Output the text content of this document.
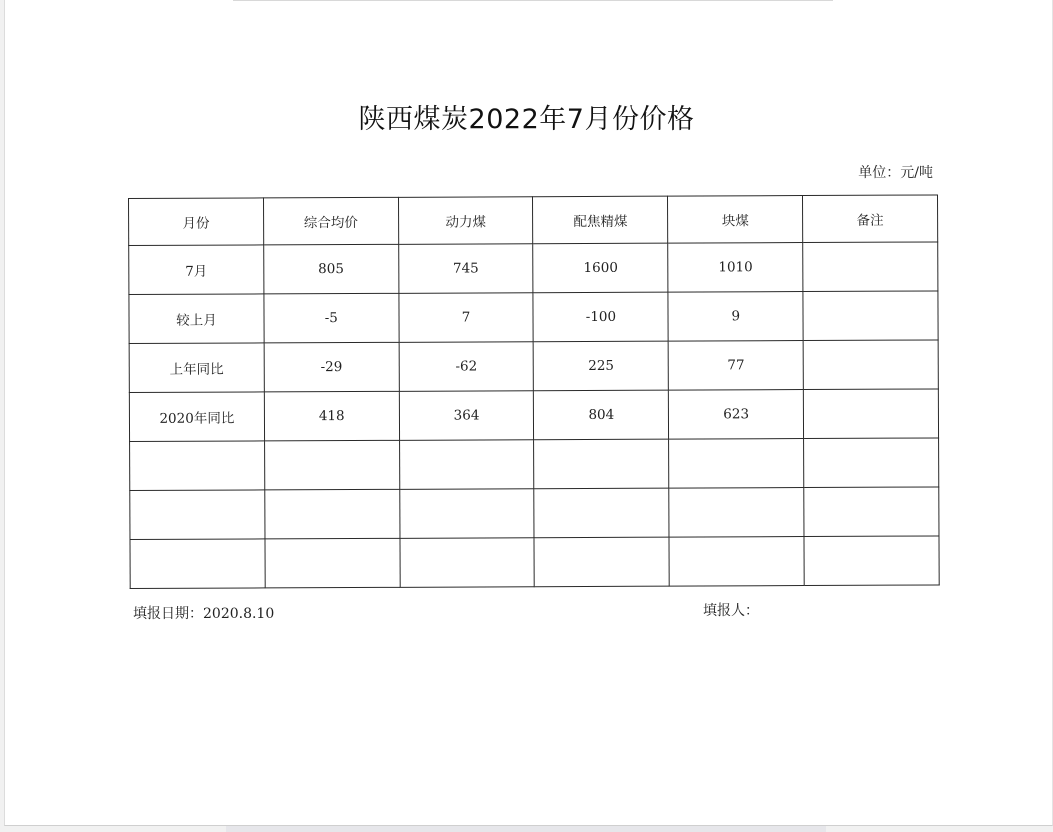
陕西煤炭2022年7月份价格
单位：元/吨
月份	综合均价	动力煤	配焦精煤	块煤	备注
7月	805	745	1600	1010	
较上月	-5	7	-100	9	
上年同比	-29	-62	225	77	
2020年同比	418	364	804	623	

填报日期：2020.8.10	填报人：
